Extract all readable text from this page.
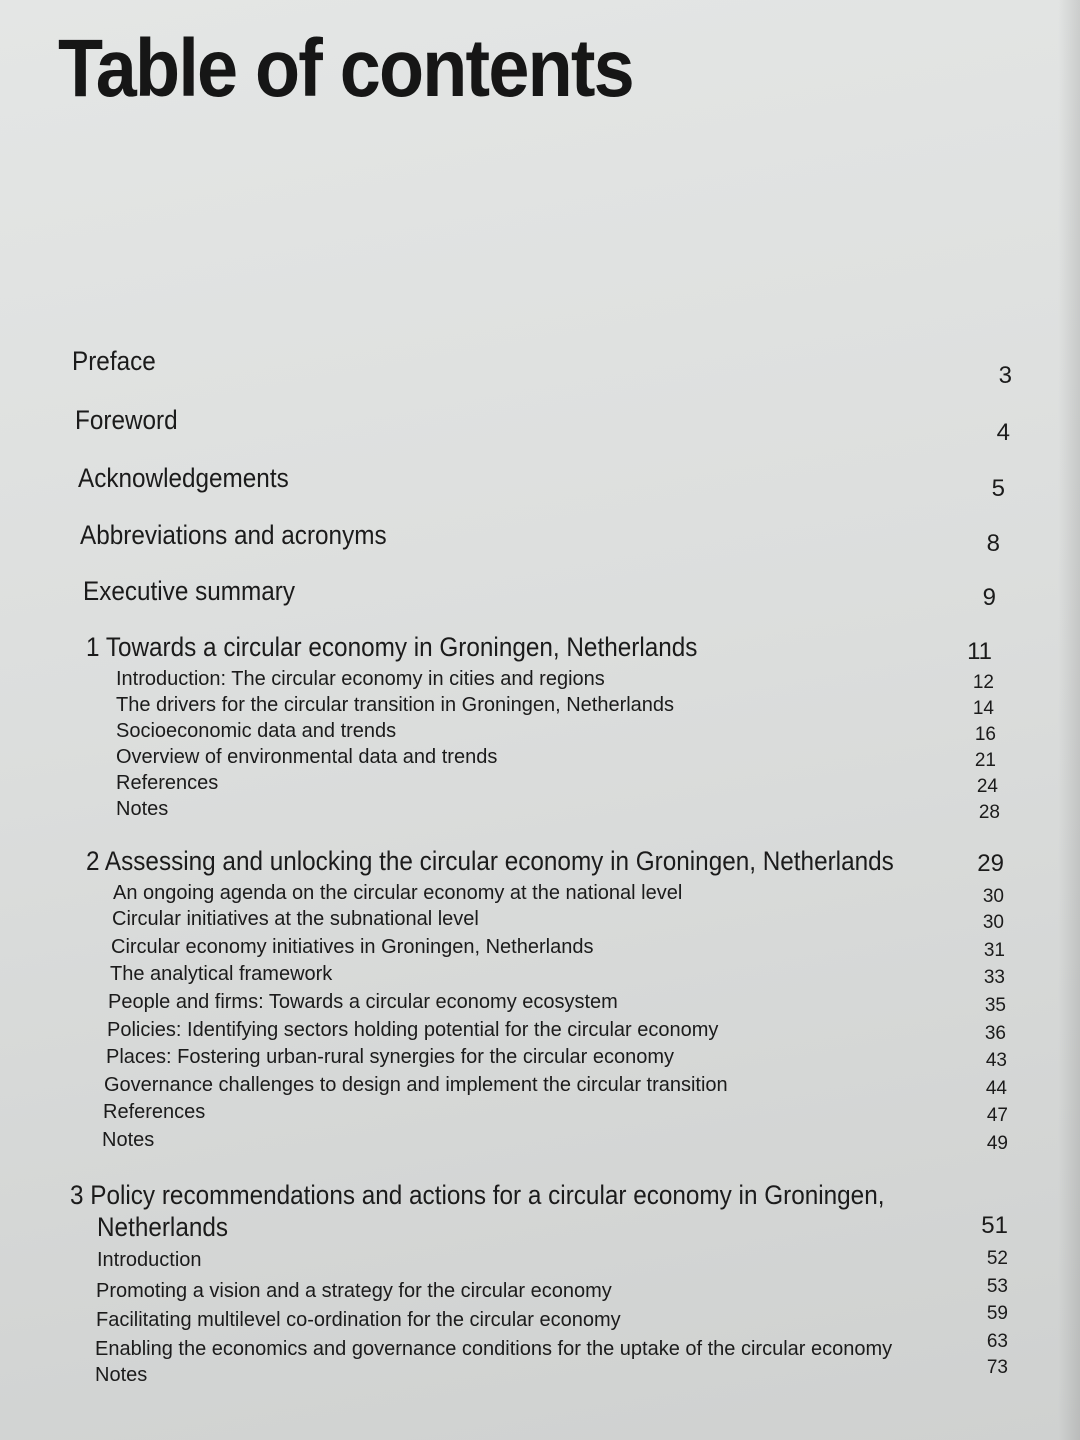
Table of contents
Preface	3
Foreword	4
Acknowledgements	5
Abbreviations and acronyms	8
Executive summary	9
1 Towards a circular economy in Groningen, Netherlands	11
Introduction: The circular economy in cities and regions	12
The drivers for the circular transition in Groningen, Netherlands	14
Socioeconomic data and trends	16
Overview of environmental data and trends	21
References	24
Notes	28
2 Assessing and unlocking the circular economy in Groningen, Netherlands	29
An ongoing agenda on the circular economy at the national level	30
Circular initiatives at the subnational level	30
Circular economy initiatives in Groningen, Netherlands	31
The analytical framework	33
People and firms: Towards a circular economy ecosystem	35
Policies: Identifying sectors holding potential for the circular economy	36
Places: Fostering urban-rural synergies for the circular economy	43
Governance challenges to design and implement the circular transition	44
References	47
Notes	49
3 Policy recommendations and actions for a circular economy in Groningen,
Netherlands	51
Introduction	52
Promoting a vision and a strategy for the circular economy	53
Facilitating multilevel co-ordination for the circular economy	59
Enabling the economics and governance conditions for the uptake of the circular economy	63
Notes	73
